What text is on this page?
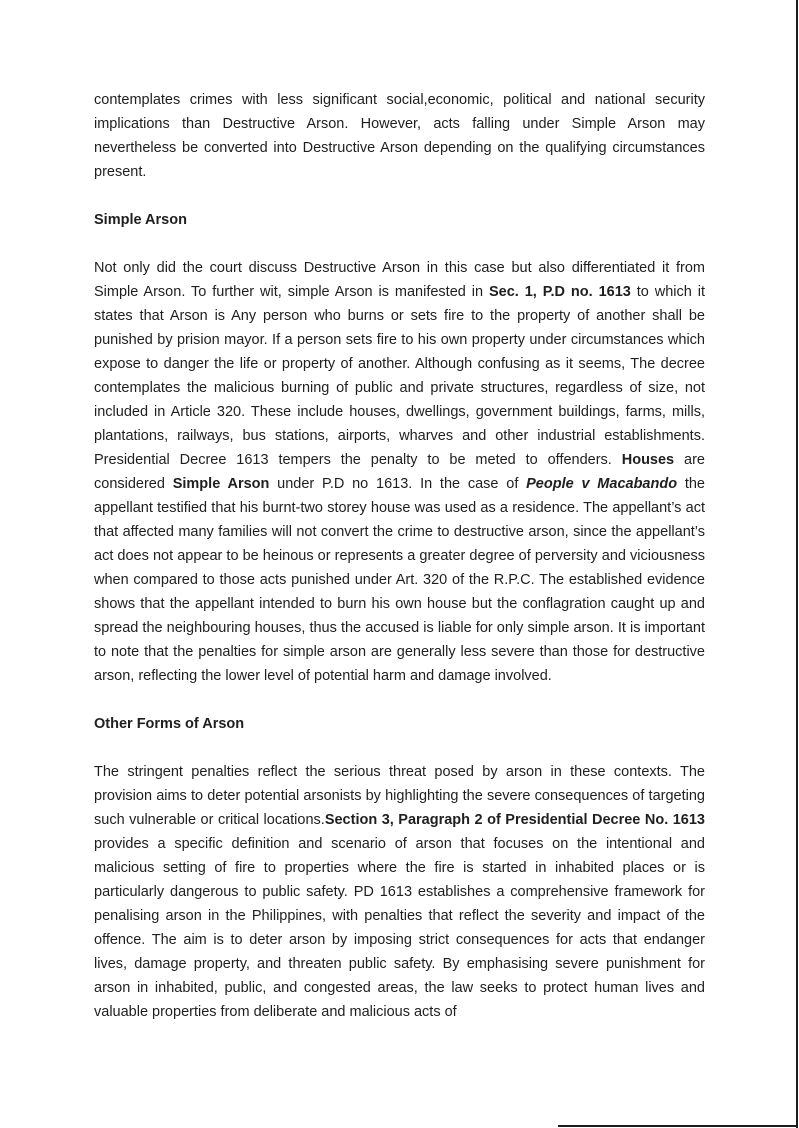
contemplates crimes with less significant social,economic, political and national security implications than Destructive Arson. However, acts falling under Simple Arson may nevertheless be converted into Destructive Arson depending on the qualifying circumstances present.

Simple Arson

Not only did the court discuss Destructive Arson in this case but also differentiated it from Simple Arson. To further wit, simple Arson is manifested in Sec. 1, P.D no. 1613 to which it states that Arson is Any person who burns or sets fire to the property of another shall be punished by prision mayor. If a person sets fire to his own property under circumstances which expose to danger the life or property of another. Although confusing as it seems, The decree contemplates the malicious burning of public and private structures, regardless of size, not included in Article 320. These include houses, dwellings, government buildings, farms, mills, plantations, railways, bus stations, airports, wharves and other industrial establishments. Presidential Decree 1613 tempers the penalty to be meted to offenders. Houses are considered Simple Arson under P.D no 1613. In the case of People v Macabando the appellant testified that his burnt-two storey house was used as a residence. The appellant’s act that affected many families will not convert the crime to destructive arson, since the appellant’s act does not appear to be heinous or represents a greater degree of perversity and viciousness when compared to those acts punished under Art. 320 of the R.P.C. The established evidence shows that the appellant intended to burn his own house but the conflagration caught up and spread the neighbouring houses, thus the accused is liable for only simple arson. It is important to note that the penalties for simple arson are generally less severe than those for destructive arson, reflecting the lower level of potential harm and damage involved.

Other Forms of Arson

The stringent penalties reflect the serious threat posed by arson in these contexts. The provision aims to deter potential arsonists by highlighting the severe consequences of targeting such vulnerable or critical locations.Section 3, Paragraph 2 of Presidential Decree No. 1613 provides a specific definition and scenario of arson that focuses on the intentional and malicious setting of fire to properties where the fire is started in inhabited places or is particularly dangerous to public safety. PD 1613 establishes a comprehensive framework for penalising arson in the Philippines, with penalties that reflect the severity and impact of the offence. The aim is to deter arson by imposing strict consequences for acts that endanger lives, damage property, and threaten public safety. By emphasising severe punishment for arson in inhabited, public, and congested areas, the law seeks to protect human lives and valuable properties from deliberate and malicious acts of
